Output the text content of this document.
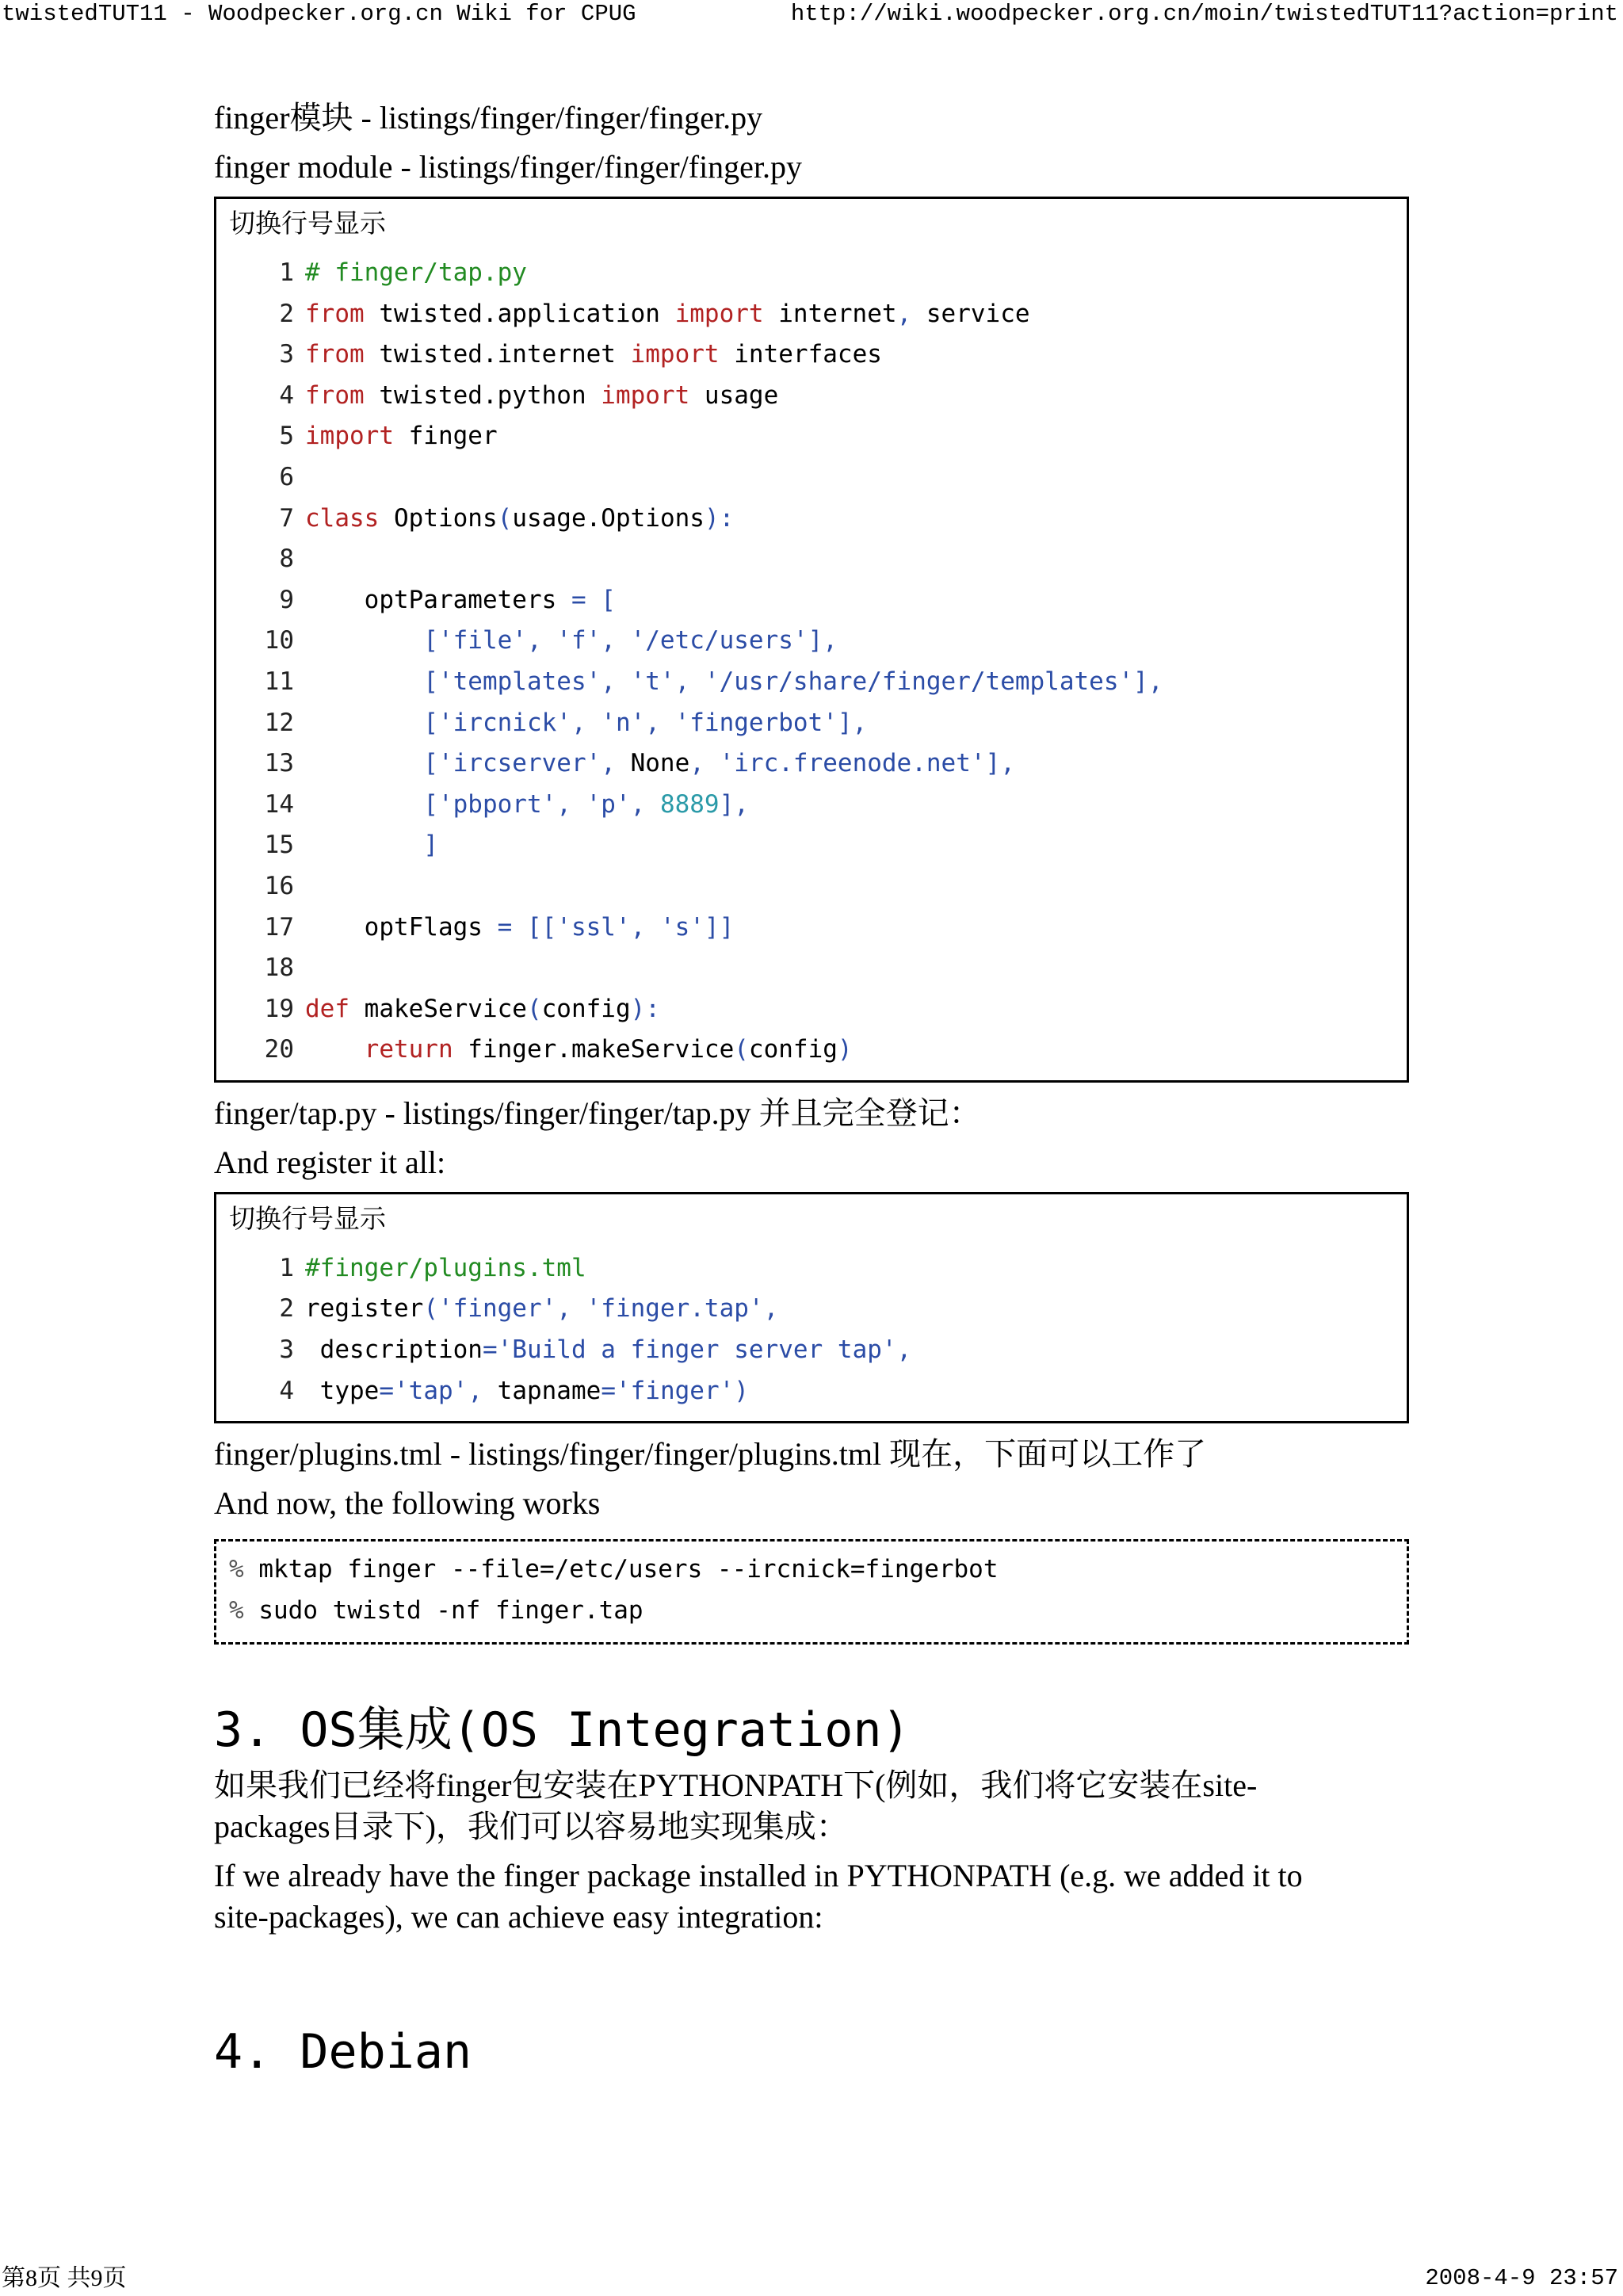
twistedTUT11 - Woodpecker.org.cn Wiki for CPUG	http://wiki.woodpecker.org.cn/moin/twistedTUT11?action=print

finger模块 - listings/finger/finger/finger.py

finger module - listings/finger/finger/finger.py

切换行号显示
1 # finger/tap.py
2 from twisted.application import internet, service
3 from twisted.internet import interfaces
4 from twisted.python import usage
5 import finger
6
7 class Options(usage.Options):
8
9    optParameters = [
10	['file', 'f', '/etc/users'],
11	['templates', 't', '/usr/share/finger/templates'],
12	['ircnick', 'n', 'fingerbot'],
13	['ircserver', None, 'irc.freenode.net'],
14	['pbport', 'p', 8889],
15	]
16
17    optFlags = [['ssl', 's']]
18
19 def makeService(config):
20	return finger.makeService(config)

finger/tap.py - listings/finger/finger/tap.py 并且完全登记：

And register it all:

切换行号显示
1 #finger/plugins.tml
2 register('finger', 'finger.tap',
3 description='Build a finger server tap',
4 type='tap', tapname='finger')

finger/plugins.tml - listings/finger/finger/plugins.tml 现在，下面可以工作了

And now, the following works

% mktap finger --file=/etc/users --ircnick=fingerbot
% sudo twistd -nf finger.tap
3. OS集成(OS Integration)

如果我们已经将finger包安装在PYTHONPATH下(例如，我们将它安装在site-

packages目录下)，我们可以容易地实现集成：

If we already have the finger package installed in PYTHONPATH (e.g. we added it to

site-packages), we can achieve easy integration:

4. Debian
第8页 共9页	2008-4-9 23:57
